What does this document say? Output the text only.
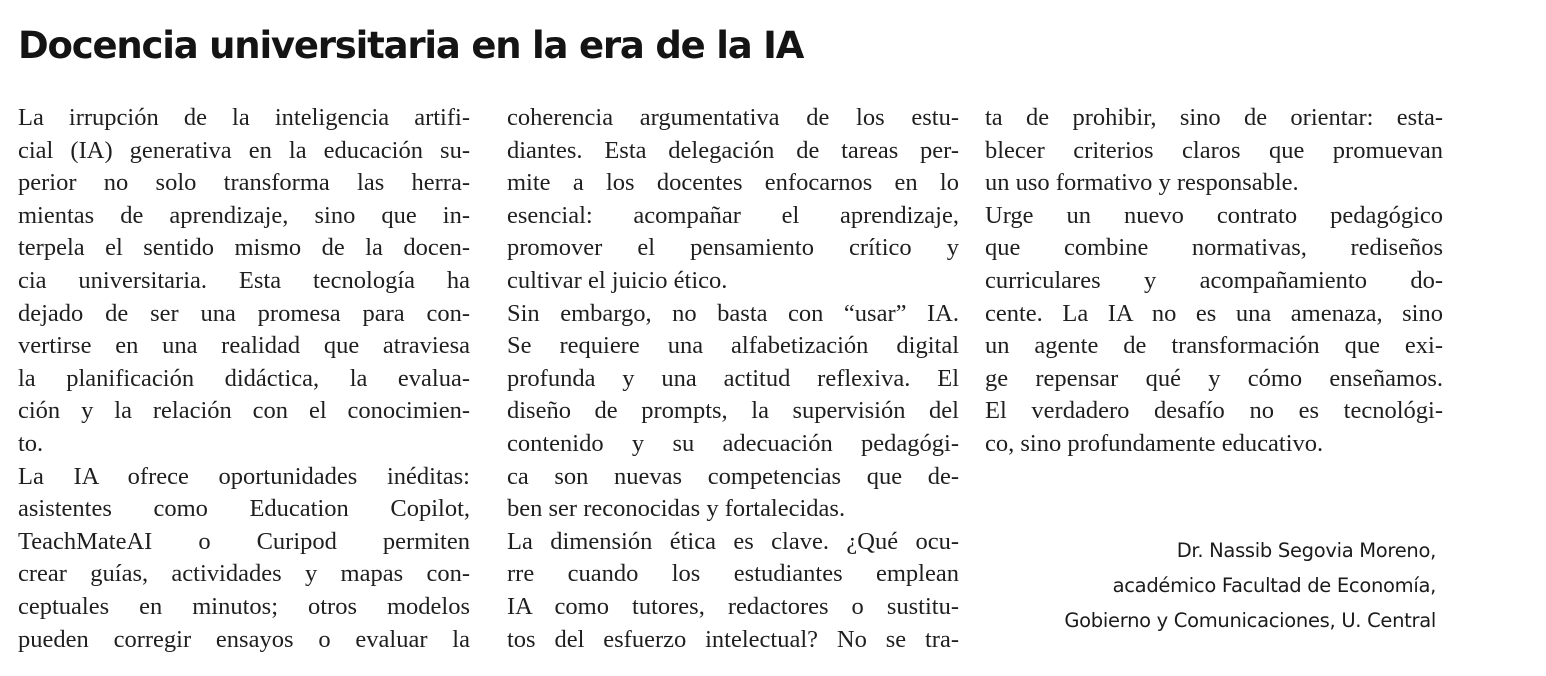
Docencia universitaria en la era de la IA
La irrupción de la inteligencia artifi-
cial (IA) generativa en la educación su-
perior no solo transforma las herra-
mientas de aprendizaje, sino que in-
terpela el sentido mismo de la docen-
cia universitaria. Esta tecnología ha
dejado de ser una promesa para con-
vertirse en una realidad que atraviesa
la planificación didáctica, la evalua-
ción y la relación con el conocimien-
to.
La IA ofrece oportunidades inéditas:
asistentes como Education Copilot,
TeachMateAI o Curipod permiten
crear guías, actividades y mapas con-
ceptuales en minutos; otros modelos
pueden corregir ensayos o evaluar la
coherencia argumentativa de los estu-
diantes. Esta delegación de tareas per-
mite a los docentes enfocarnos en lo
esencial: acompañar el aprendizaje,
promover el pensamiento crítico y
cultivar el juicio ético.
Sin embargo, no basta con “usar” IA.
Se requiere una alfabetización digital
profunda y una actitud reflexiva. El
diseño de prompts, la supervisión del
contenido y su adecuación pedagógi-
ca son nuevas competencias que de-
ben ser reconocidas y fortalecidas.
La dimensión ética es clave. ¿Qué ocu-
rre cuando los estudiantes emplean
IA como tutores, redactores o sustitu-
tos del esfuerzo intelectual? No se tra-
ta de prohibir, sino de orientar: esta-
blecer criterios claros que promuevan
un uso formativo y responsable.
Urge un nuevo contrato pedagógico
que combine normativas, rediseños
curriculares y acompañamiento do-
cente. La IA no es una amenaza, sino
un agente de transformación que exi-
ge repensar qué y cómo enseñamos.
El verdadero desafío no es tecnológi-
co, sino profundamente educativo.
Dr. Nassib Segovia Moreno,
académico Facultad de Economía,
Gobierno y Comunicaciones, U. Central
